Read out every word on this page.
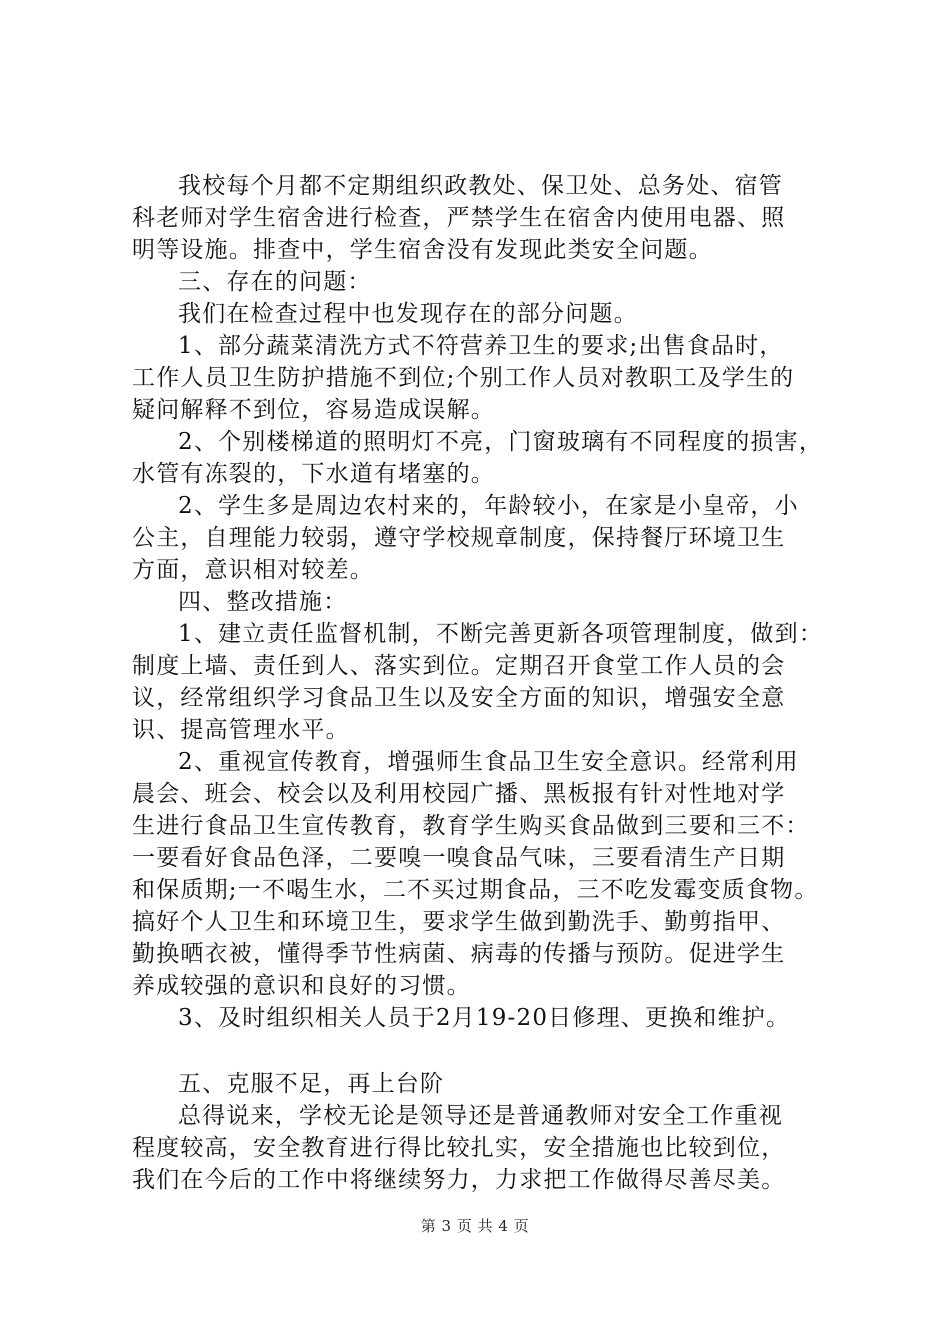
我校每个月都不定期组织政教处、保卫处、总务处、宿管
科老师对学生宿舍进行检查，严禁学生在宿舍内使用电器、照
明等设施。排查中，学生宿舍没有发现此类安全问题。
三、存在的问题：
我们在检查过程中也发现存在的部分问题。
1、部分蔬菜清洗方式不符营养卫生的要求;出售食品时，
工作人员卫生防护措施不到位;个别工作人员对教职工及学生的
疑问解释不到位，容易造成误解。
2、个别楼梯道的照明灯不亮，门窗玻璃有不同程度的损害，
水管有冻裂的，下水道有堵塞的。
2、学生多是周边农村来的，年龄较小，在家是小皇帝，小
公主，自理能力较弱，遵守学校规章制度，保持餐厅环境卫生
方面，意识相对较差。
四、整改措施：
1、建立责任监督机制，不断完善更新各项管理制度，做到：
制度上墙、责任到人、落实到位。定期召开食堂工作人员的会
议，经常组织学习食品卫生以及安全方面的知识，增强安全意
识、提高管理水平。
2、重视宣传教育，增强师生食品卫生安全意识。经常利用
晨会、班会、校会以及利用校园广播、黑板报有针对性地对学
生进行食品卫生宣传教育，教育学生购买食品做到三要和三不：
一要看好食品色泽，二要嗅一嗅食品气味，三要看清生产日期
和保质期;一不喝生水，二不买过期食品，三不吃发霉变质食物。
搞好个人卫生和环境卫生，要求学生做到勤洗手、勤剪指甲、
勤换晒衣被，懂得季节性病菌、病毒的传播与预防。促进学生
养成较强的意识和良好的习惯。
3、及时组织相关人员于2月19-20日修理、更换和维护。
五、克服不足，再上台阶
总得说来，学校无论是领导还是普通教师对安全工作重视
程度较高，安全教育进行得比较扎实，安全措施也比较到位，
我们在今后的工作中将继续努力，力求把工作做得尽善尽美。
第 3 页 共 4 页
